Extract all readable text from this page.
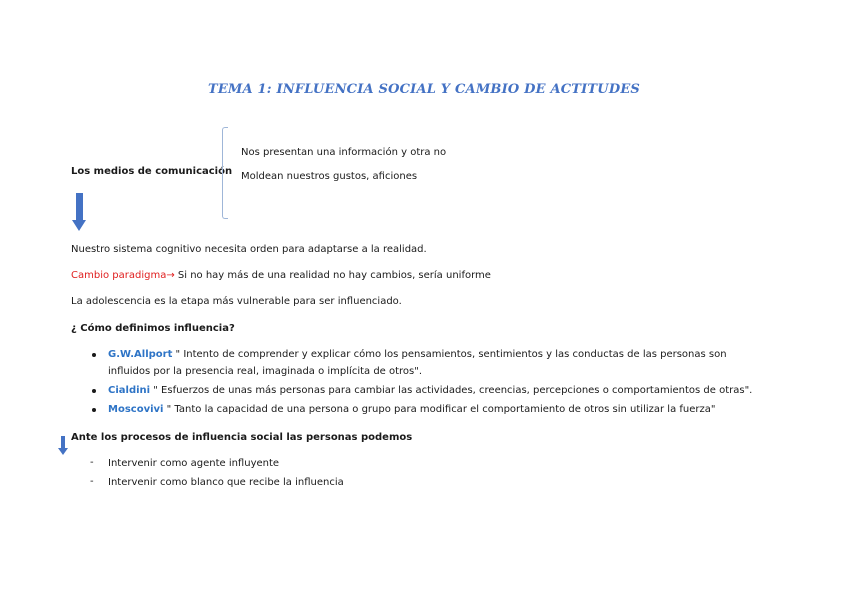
TEMA 1: INFLUENCIA SOCIAL Y CAMBIO DE ACTITUDES
Los medios de comunicación
Nos presentan una información y otra no
Moldean nuestros gustos, aficiones
Nuestro sistema cognitivo necesita orden para adaptarse a la realidad.
Cambio paradigma→ Si no hay más de una realidad no hay cambios, sería uniforme
La adolescencia es la etapa más vulnerable para ser influenciado.
¿ Cómo definimos influencia?
G.W.Allport " Intento de comprender y explicar cómo los pensamientos, sentimientos y las conductas de las personas son
influidos por la presencia real, imaginada o implícita de otros".
Cialdini " Esfuerzos de unas más personas para cambiar las actividades, creencias, percepciones o comportamientos de otras".
Moscovivi " Tanto la capacidad de una persona o grupo para modificar el comportamiento de otros sin utilizar la fuerza"
Ante los procesos de influencia social las personas podemos
- Intervenir como agente influyente
- Intervenir como blanco que recibe la influencia
